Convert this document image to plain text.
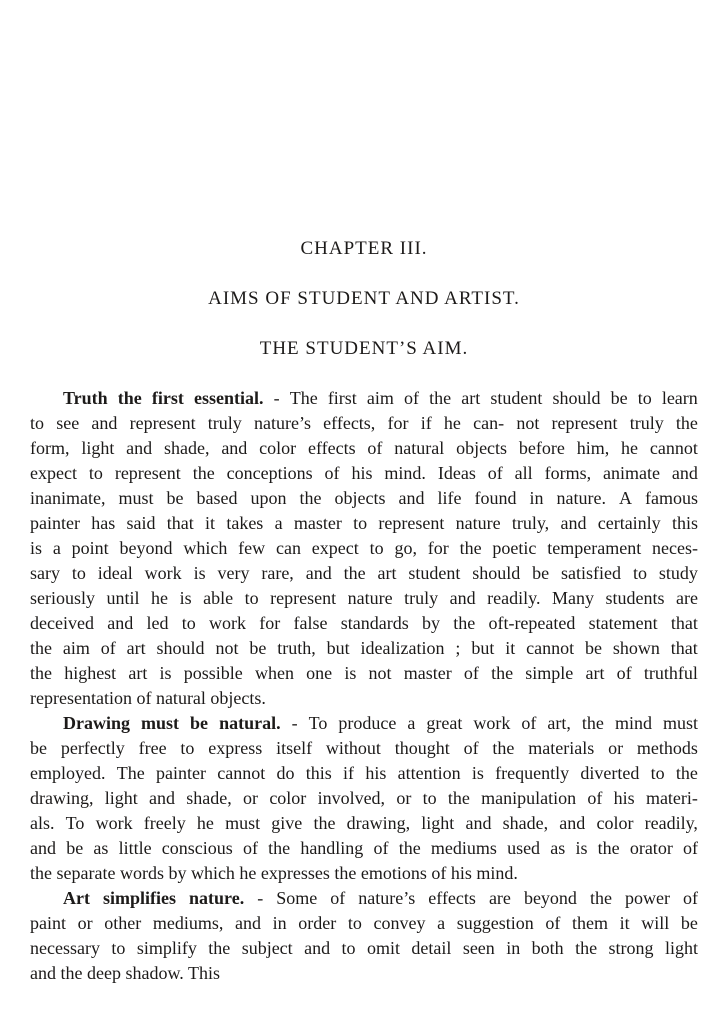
CHAPTER III.
AIMS OF STUDENT AND ARTIST.
THE STUDENT’S AIM.
Truth the first essential. - The first aim of the art student should be to learn
to see and represent truly nature’s effects, for if he can- not represent truly the
form, light and shade, and color effects of natural objects before him, he cannot
expect to represent the conceptions of his mind. Ideas of all forms, animate and
inanimate, must be based upon the objects and life found in nature. A famous
painter has said that it takes a master to represent nature truly, and certainly this
is a point beyond which few can expect to go, for the poetic temperament neces-
sary to ideal work is very rare, and the art student should be satisfied to study
seriously until he is able to represent nature truly and readily. Many students are
deceived and led to work for false standards by the oft-repeated statement that
the aim of art should not be truth, but idealization ; but it cannot be shown that
the highest art is possible when one is not master of the simple art of truthful
representation of natural objects.
Drawing must be natural. - To produce a great work of art, the mind must
be perfectly free to express itself without thought of the materials or methods
employed. The painter cannot do this if his attention is frequently diverted to the
drawing, light and shade, or color involved, or to the manipulation of his materi-
als. To work freely he must give the drawing, light and shade, and color readily,
and be as little conscious of the handling of the mediums used as is the orator of
the separate words by which he expresses the emotions of his mind.
Art simplifies nature. - Some of nature’s effects are beyond the power of
paint or other mediums, and in order to convey a suggestion of them it will be
necessary to simplify the subject and to omit detail seen in both the strong light
and the deep shadow. This
